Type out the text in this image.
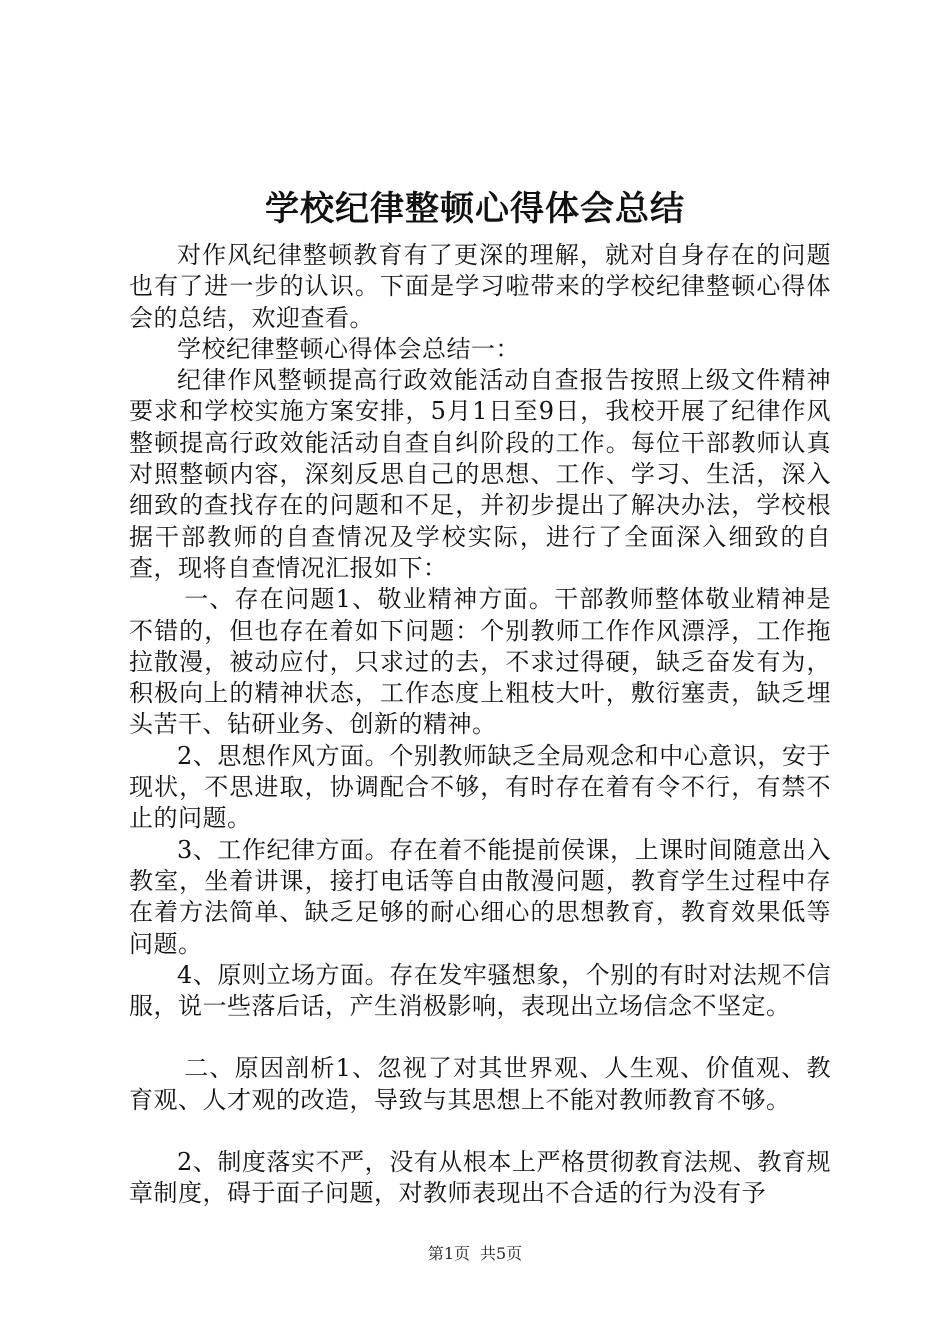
学校纪律整顿心得体会总结

对作风纪律整顿教育有了更深的理解，就对自身存在的问题也有了进一步的认识。下面是学习啦带来的学校纪律整顿心得体会的总结，欢迎查看。

学校纪律整顿心得体会总结一：

纪律作风整顿提高行政效能活动自查报告按照上级文件精神要求和学校实施方案安排，5月1日至9日，我校开展了纪律作风整顿提高行政效能活动自查自纠阶段的工作。每位干部教师认真对照整顿内容，深刻反思自己的思想、工作、学习、生活，深入细致的查找存在的问题和不足，并初步提出了解决办法，学校根据干部教师的自查情况及学校实际，进行了全面深入细致的自查，现将自查情况汇报如下：

一、存在问题1、敬业精神方面。干部教师整体敬业精神是不错的，但也存在着如下问题：个别教师工作作风漂浮，工作拖拉散漫，被动应付，只求过的去，不求过得硬，缺乏奋发有为，积极向上的精神状态，工作态度上粗枝大叶，敷衍塞责，缺乏埋头苦干、钻研业务、创新的精神。

2、思想作风方面。个别教师缺乏全局观念和中心意识，安于现状，不思进取，协调配合不够，有时存在着有令不行，有禁不止的问题。

3、工作纪律方面。存在着不能提前侯课，上课时间随意出入教室，坐着讲课，接打电话等自由散漫问题，教育学生过程中存在着方法简单、缺乏足够的耐心细心的思想教育，教育效果低等问题。

4、原则立场方面。存在发牢骚想象，个别的有时对法规不信服，说一些落后话，产生消极影响，表现出立场信念不坚定。

二、原因剖析1、忽视了对其世界观、人生观、价值观、教育观、人才观的改造，导致与其思想上不能对教师教育不够。

2、制度落实不严，没有从根本上严格贯彻教育法规、教育规章制度，碍于面子问题，对教师表现出不合适的行为没有予

第1页 共5页
